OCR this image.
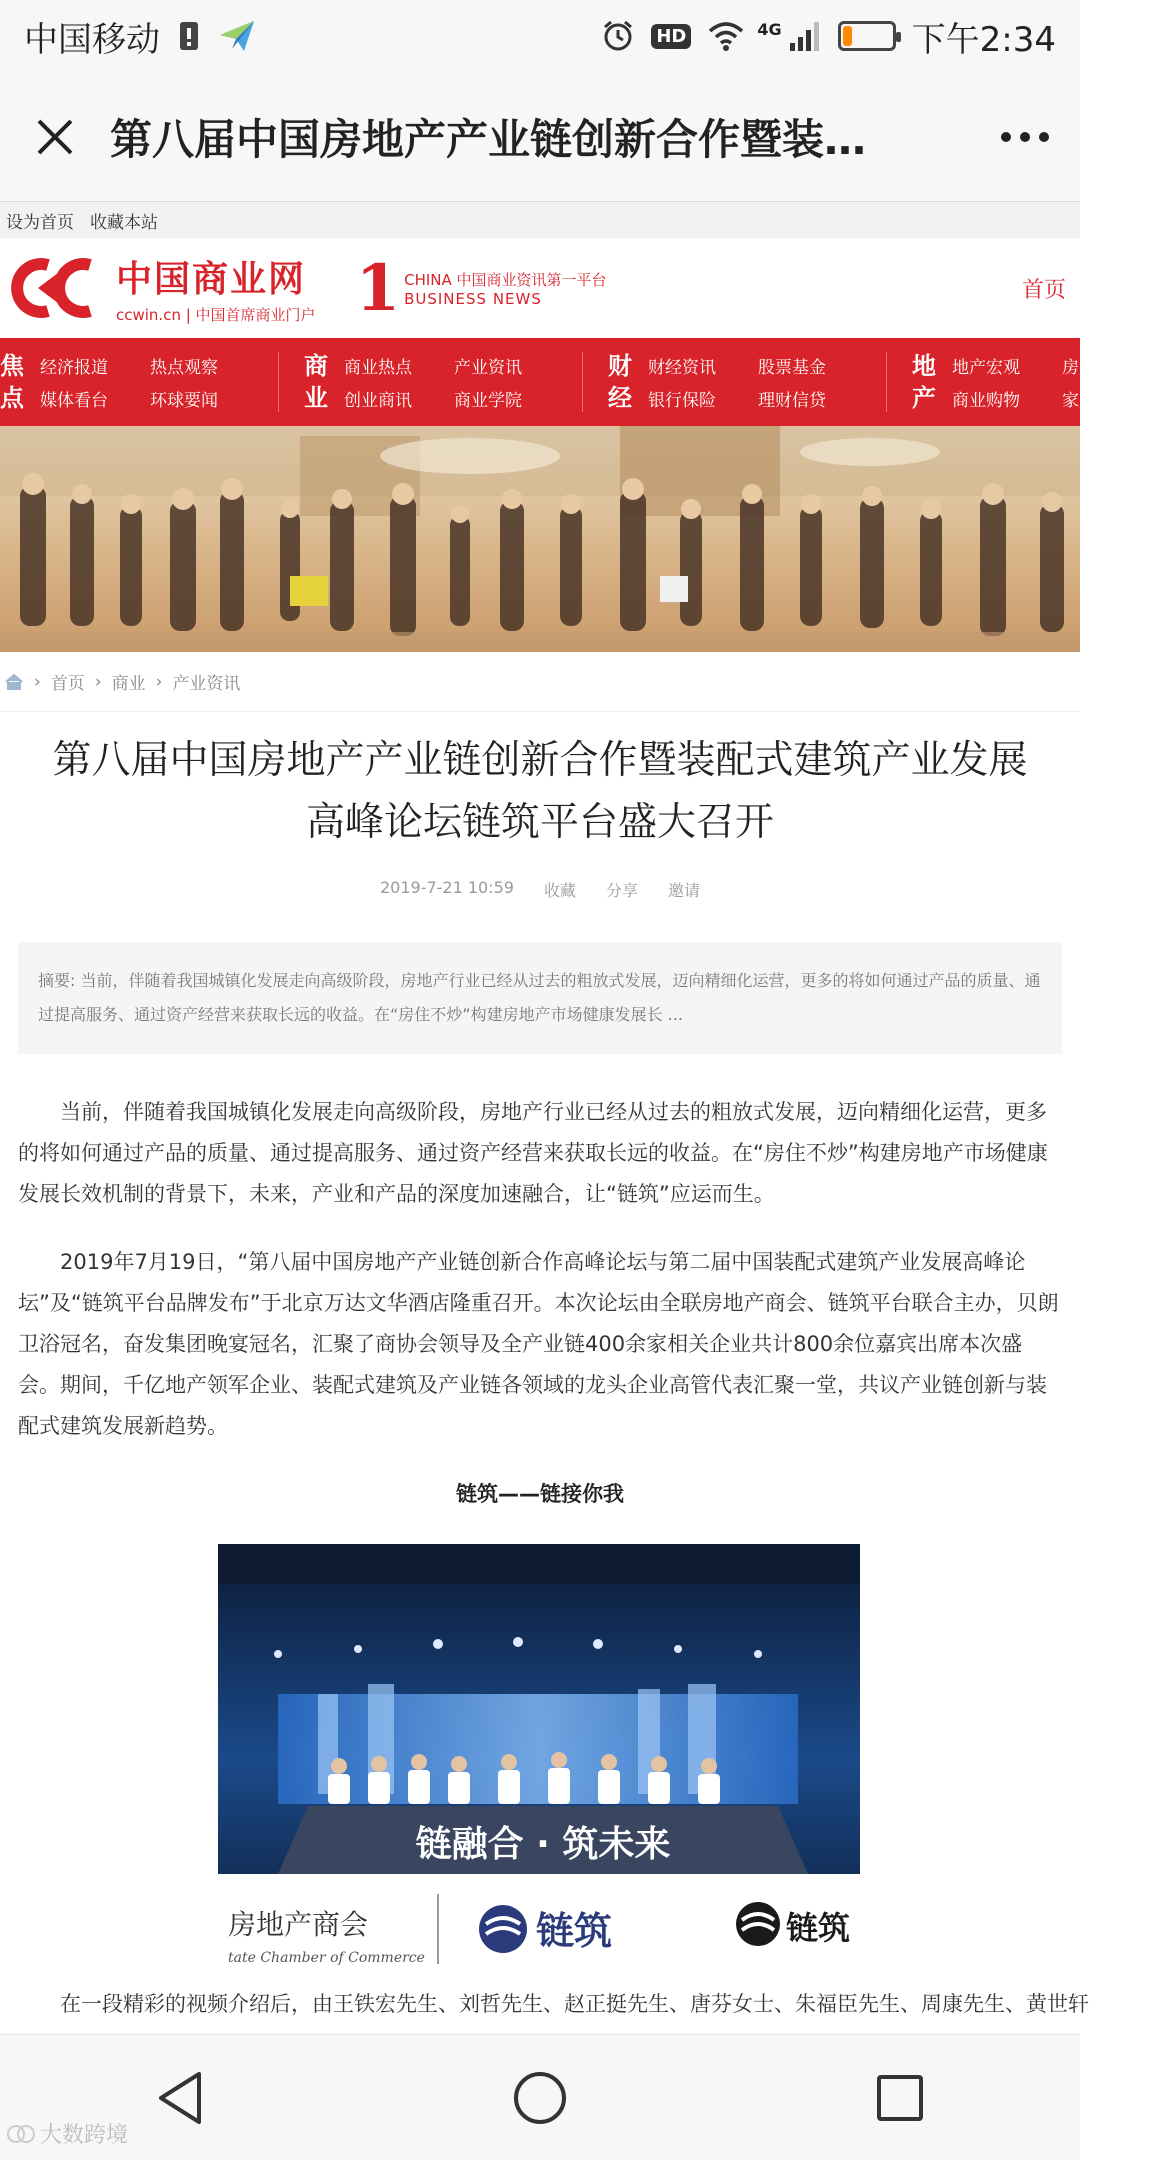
中国移动	HD	4G	下午2:34
第八届中国房地产产业链创新合作暨装…
设为首页 收藏本站
中国商业网
ccwin.cn | 中国首席商业门户 1 CHINA 中国商业资讯第一平台
BUSINESS NEWS	首页
焦
点
经济报道	热点观察
媒体看台	环球要闻
商
业
商业热点	产业资讯
创业商讯	商业学院
财
经
财经资讯	股票基金
银行保险	理财信贷
地
产
地产宏观	房产资讯
商业购物	家居装修
› 首页 › 商业 › 产业资讯
第八届中国房地产产业链创新合作暨装配式建筑产业发展
高峰论坛链筑平台盛大召开
2019-7-21 10:59 收藏 分享 邀请
摘要: 当前，伴随着我国城镇化发展走向高级阶段，房地产行业已经从过去的粗放式发展，迈向精细化运营，更多的将如何通过产品的质量、通过提高服务、通过资产经营来获取长远的收益。在“房住不炒”构建房地产市场健康发展长 ...
当前，伴随着我国城镇化发展走向高级阶段，房地产行业已经从过去的粗放式发展，迈向精细化运营，更多的将如何通过产品的质量、通过提高服务、通过资产经营来获取长远的收益。在“房住不炒”构建房地产市场健康发展长效机制的背景下，未来，产业和产品的深度加速融合，让“链筑”应运而生。
2019年7月19日，“第八届中国房地产产业链创新合作高峰论坛与第二届中国装配式建筑产业发展高峰论坛”及“链筑平台品牌发布”于北京万达文华酒店隆重召开。本次论坛由全联房地产商会、链筑平台联合主办，贝朗卫浴冠名，奋发集团晚宴冠名，汇聚了商协会领导及全产业链400余家相关企业共计800余位嘉宾出席本次盛会。期间，千亿地产领军企业、装配式建筑及产业链各领域的龙头企业高管代表汇聚一堂，共议产业链创新与装配式建筑发展新趋势。
链筑——链接你我
链融合 · 筑未来
房地产商会
tate Chamber of Commerce
链筑	链筑
在一段精彩的视频介绍后，由王铁宏先生、刘哲先生、赵正挺先生、唐芬女士、朱福臣先生、周康先生、黄世轩
大数跨境
